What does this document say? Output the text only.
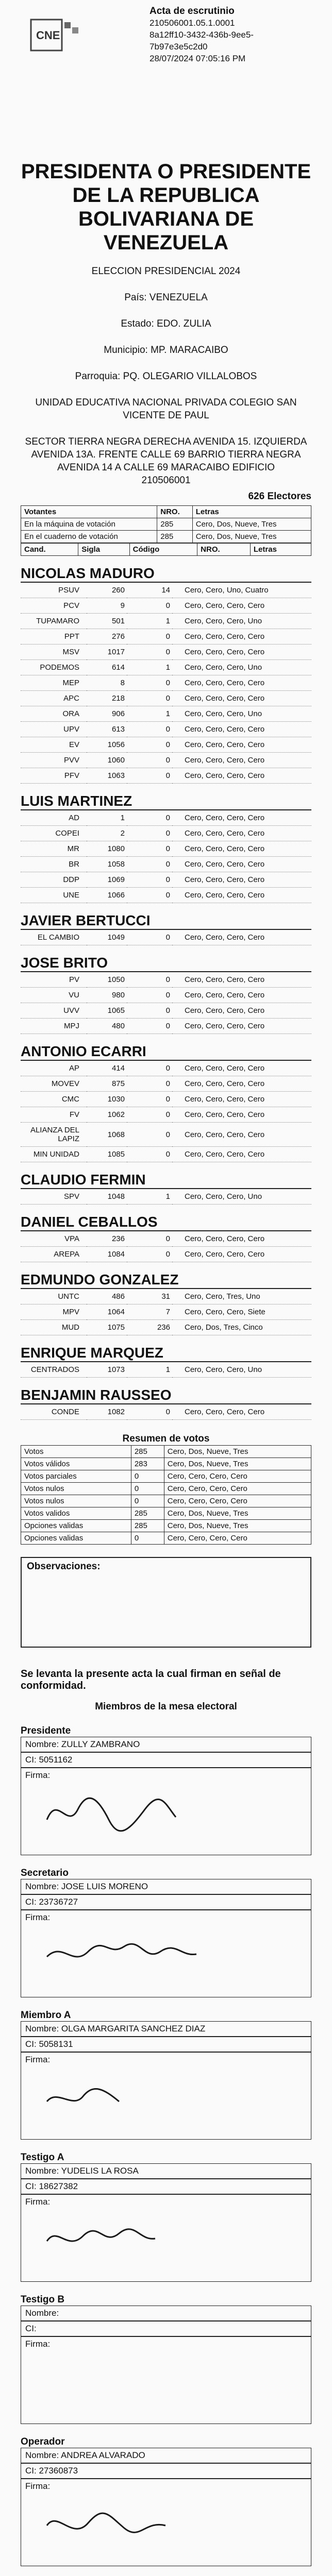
CNE
Acta de escrutinio
210506001.05.1.0001
8a12ff10-3432-436b-9ee5-
7b97e3e5c2d0
28/07/2024 07:05:16 PM
PRESIDENTA O PRESIDENTE DE LA REPUBLICA BOLIVARIANA DE VENEZUELA
ELECCION PRESIDENCIAL 2024
País: VENEZUELA
Estado: EDO. ZULIA
Municipio: MP. MARACAIBO
Parroquia: PQ. OLEGARIO VILLALOBOS
UNIDAD EDUCATIVA NACIONAL PRIVADA COLEGIO SAN VICENTE DE PAUL
SECTOR TIERRA NEGRA DERECHA AVENIDA 15. IZQUIERDA AVENIDA 13A. FRENTE CALLE 69 BARRIO TIERRA NEGRA AVENIDA 14 A CALLE 69 MARACAIBO EDIFICIO
210506001
626 Electores
Votantes	NRO.	Letras
En la máquina de votación	285	Cero, Dos, Nueve, Tres
En el cuaderno de votación	285	Cero, Dos, Nueve, Tres
Cand.	Sigla	Código	NRO.	Letras
NICOLAS MADURO
PSUV	260	14	Cero, Cero, Uno, Cuatro
PCV	9	0	Cero, Cero, Cero, Cero
TUPAMARO	501	1	Cero, Cero, Cero, Uno
PPT	276	0	Cero, Cero, Cero, Cero
MSV	1017	0	Cero, Cero, Cero, Cero
PODEMOS	614	1	Cero, Cero, Cero, Uno
MEP	8	0	Cero, Cero, Cero, Cero
APC	218	0	Cero, Cero, Cero, Cero
ORA	906	1	Cero, Cero, Cero, Uno
UPV	613	0	Cero, Cero, Cero, Cero
EV	1056	0	Cero, Cero, Cero, Cero
PVV	1060	0	Cero, Cero, Cero, Cero
PFV	1063	0	Cero, Cero, Cero, Cero
LUIS MARTINEZ
AD	1	0	Cero, Cero, Cero, Cero
COPEI	2	0	Cero, Cero, Cero, Cero
MR	1080	0	Cero, Cero, Cero, Cero
BR	1058	0	Cero, Cero, Cero, Cero
DDP	1069	0	Cero, Cero, Cero, Cero
UNE	1066	0	Cero, Cero, Cero, Cero
JAVIER BERTUCCI
EL CAMBIO	1049	0	Cero, Cero, Cero, Cero
JOSE BRITO
PV	1050	0	Cero, Cero, Cero, Cero
VU	980	0	Cero, Cero, Cero, Cero
UVV	1065	0	Cero, Cero, Cero, Cero
MPJ	480	0	Cero, Cero, Cero, Cero
ANTONIO ECARRI
AP	414	0	Cero, Cero, Cero, Cero
MOVEV	875	0	Cero, Cero, Cero, Cero
CMC	1030	0	Cero, Cero, Cero, Cero
FV	1062	0	Cero, Cero, Cero, Cero
ALIANZA DEL LAPIZ	1068	0	Cero, Cero, Cero, Cero
MIN UNIDAD	1085	0	Cero, Cero, Cero, Cero
CLAUDIO FERMIN
SPV	1048	1	Cero, Cero, Cero, Uno
DANIEL CEBALLOS
VPA	236	0	Cero, Cero, Cero, Cero
AREPA	1084	0	Cero, Cero, Cero, Cero
EDMUNDO GONZALEZ
UNTC	486	31	Cero, Cero, Tres, Uno
MPV	1064	7	Cero, Cero, Cero, Siete
MUD	1075	236	Cero, Dos, Tres, Cinco
ENRIQUE MARQUEZ
CENTRADOS	1073	1	Cero, Cero, Cero, Uno
BENJAMIN RAUSSEO
CONDE	1082	0	Cero, Cero, Cero, Cero
Resumen de votos
Votos	285	Cero, Dos, Nueve, Tres
Votos válidos	283	Cero, Dos, Nueve, Tres
Votos parciales	0	Cero, Cero, Cero, Cero
Votos nulos	0	Cero, Cero, Cero, Cero
Votos nulos	0	Cero, Cero, Cero, Cero
Votos validos	285	Cero, Dos, Nueve, Tres
Opciones validas	285	Cero, Dos, Nueve, Tres
Opciones validas	0	Cero, Cero, Cero, Cero
Observaciones:
Se levanta la presente acta la cual firman en señal de conformidad.
Miembros de la mesa electoral
Presidente
Nombre: ZULLY ZAMBRANO
CI: 5051162
Firma:
Secretario
Nombre: JOSE LUIS MORENO
CI: 23736727
Firma:
Miembro A
Nombre: OLGA MARGARITA SANCHEZ DIAZ
CI: 5058131
Firma:
Testigo A
Nombre: YUDELIS LA ROSA
CI: 18627382
Firma:
Testigo B
Nombre:
CI:
Firma:
Operador
Nombre: ANDREA ALVARADO
CI: 27360873
Firma:
